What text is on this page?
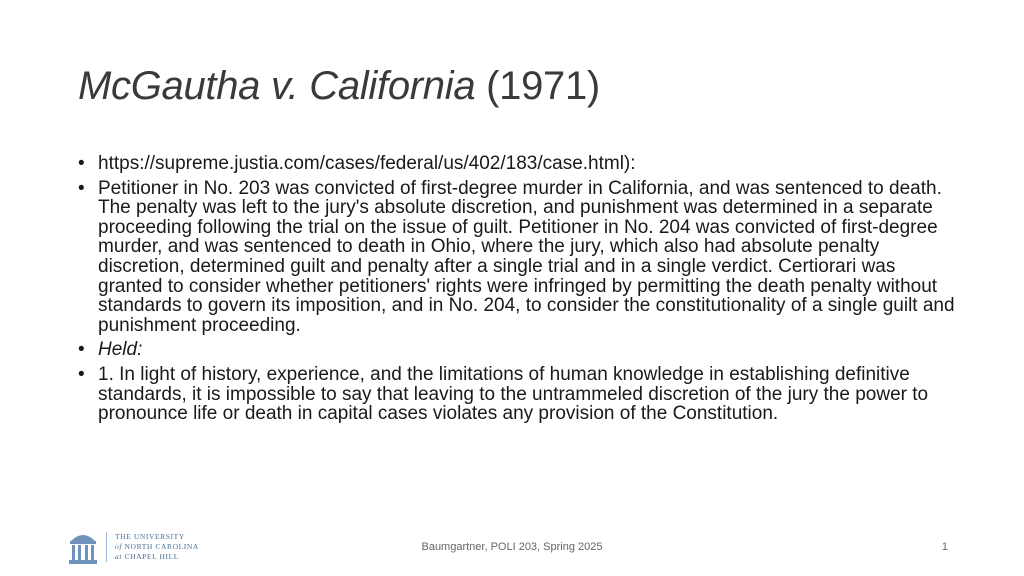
McGautha v. California (1971)
• https://supreme.justia.com/cases/federal/us/402/183/case.html):
• Petitioner in No. 203 was convicted of first-degree murder in California, and was sentenced to death. The penalty was left to the jury's absolute discretion, and punishment was determined in a separate proceeding following the trial on the issue of guilt. Petitioner in No. 204 was convicted of first-degree murder, and was sentenced to death in Ohio, where the jury, which also had absolute penalty discretion, determined guilt and penalty after a single trial and in a single verdict. Certiorari was granted to consider whether petitioners' rights were infringed by permitting the death penalty without standards to govern its imposition, and in No. 204, to consider the constitutionality of a single guilt and punishment proceeding.
• Held:
• 1. In light of history, experience, and the limitations of human knowledge in establishing definitive standards, it is impossible to say that leaving to the untrammeled discretion of the jury the power to pronounce life or death in capital cases violates any provision of the Constitution.
THE UNIVERSITY
of NORTH CAROLINA
at CHAPEL HILL
Baumgartner, POLI 203, Spring 2025	1
